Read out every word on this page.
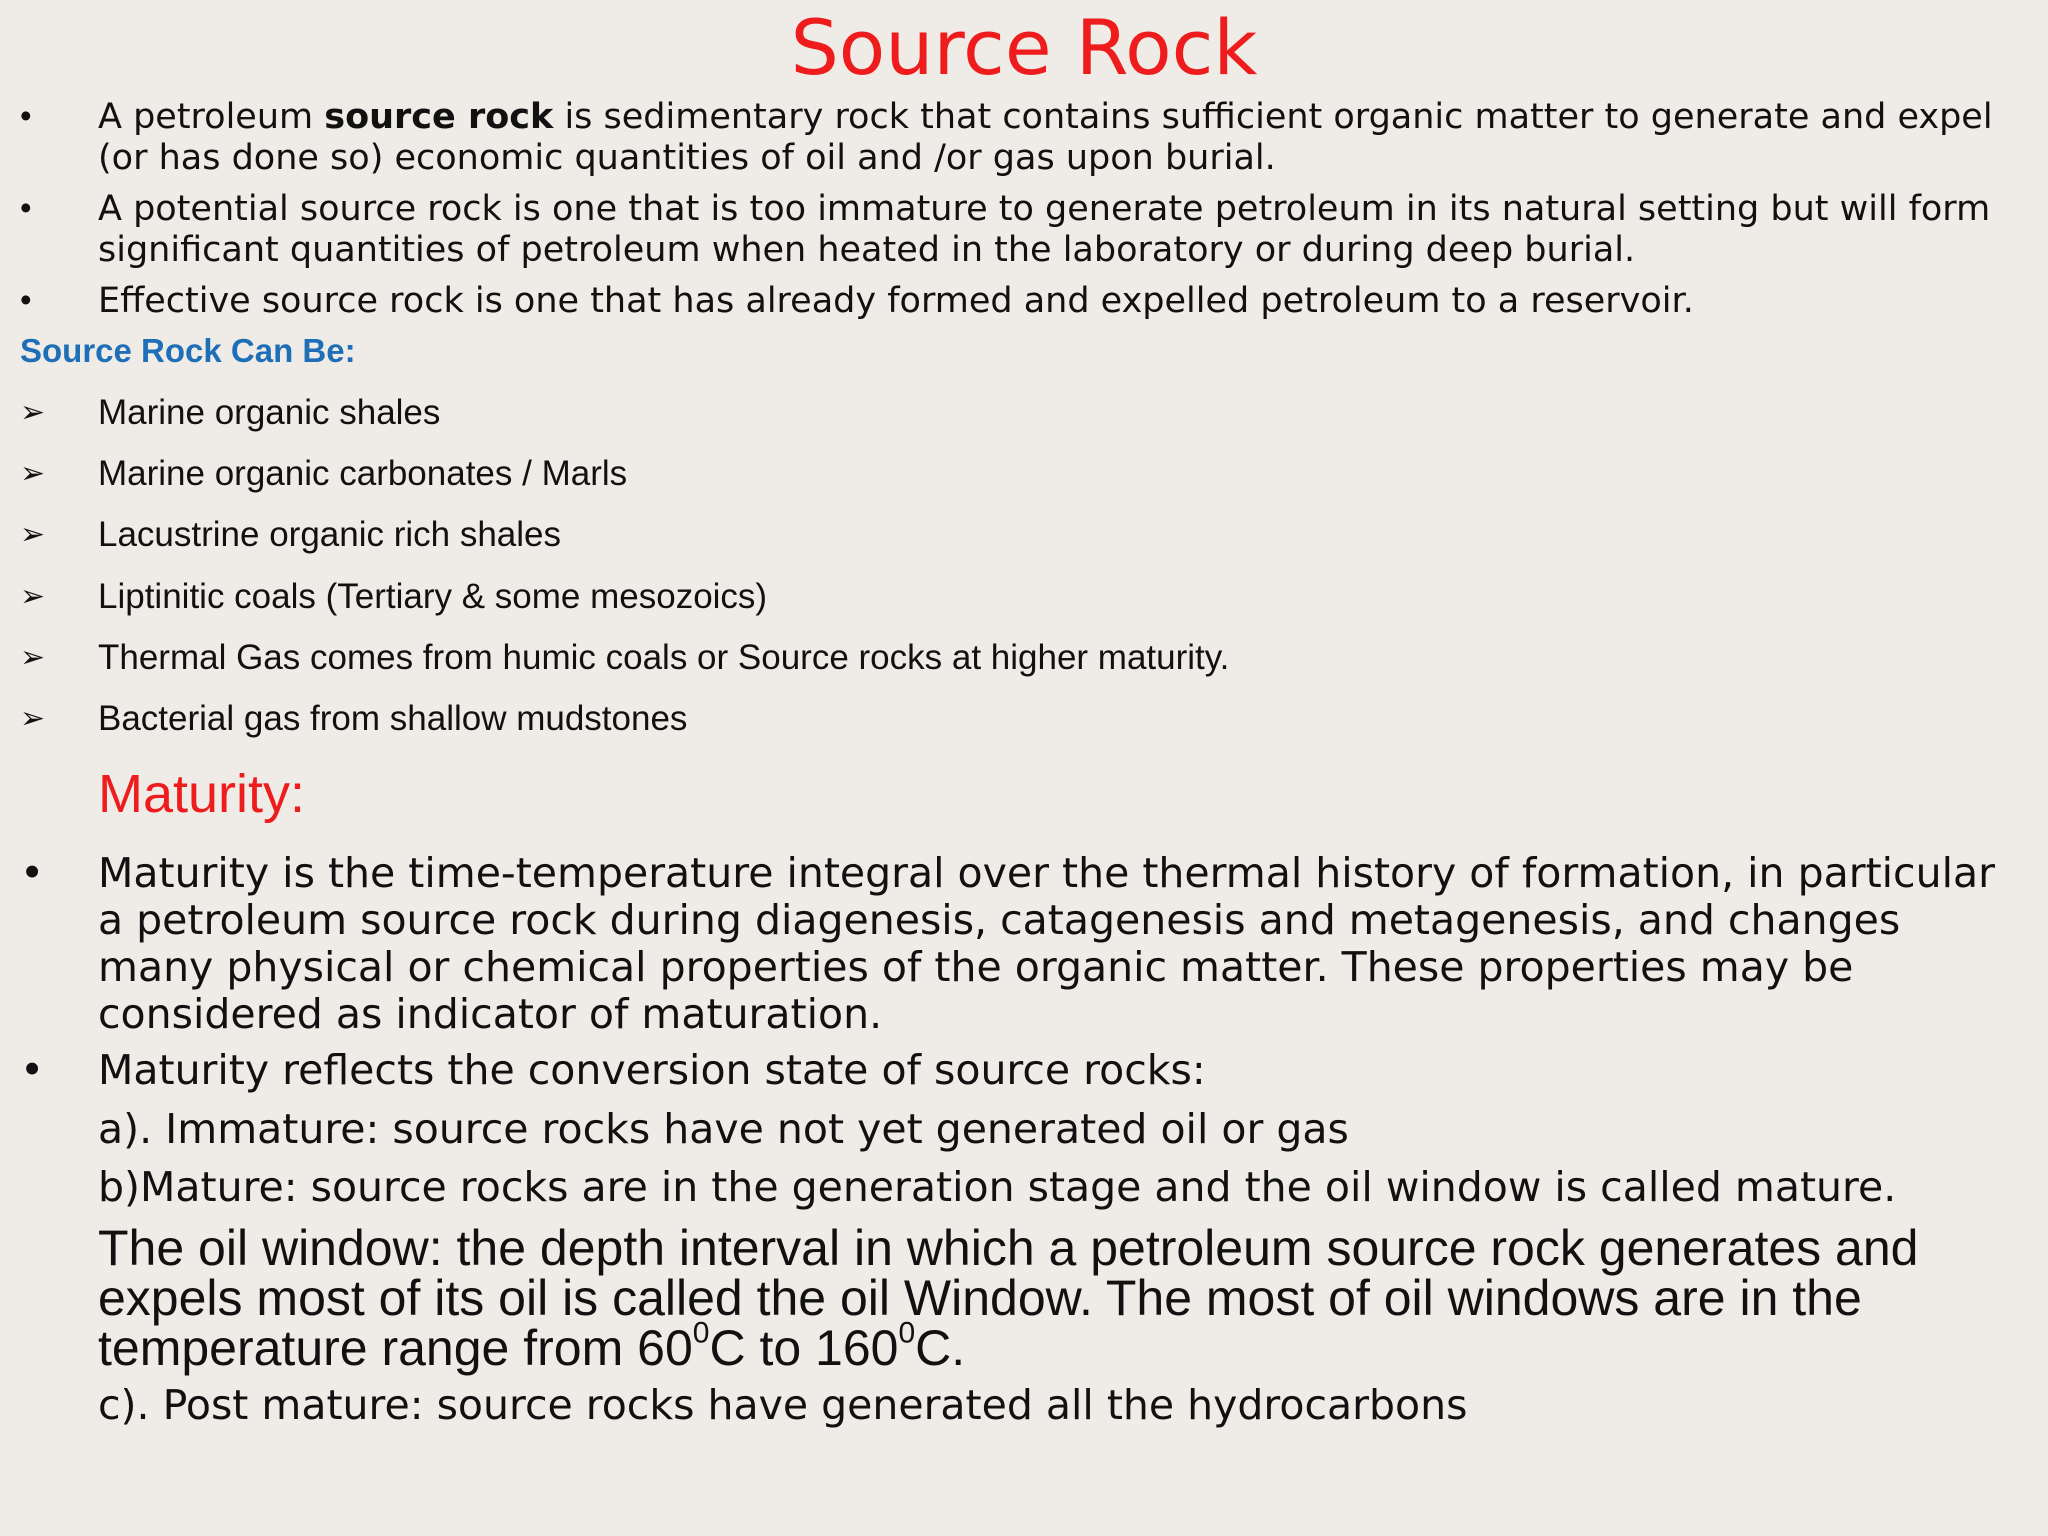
Source Rock
• A petroleum source rock is sedimentary rock that contains sufficient organic matter to generate and expel (or has done so) economic quantities of oil and /or gas upon burial.
• A potential source rock is one that is too immature to generate petroleum in its natural setting but will form significant quantities of petroleum when heated in the laboratory or during deep burial.
• Effective source rock is one that has already formed and expelled petroleum to a reservoir.
Source Rock Can Be:
➢ Marine organic shales
➢ Marine organic carbonates / Marls
➢ Lacustrine organic rich shales
➢ Liptinitic coals (Tertiary & some mesozoics)
➢ Thermal Gas comes from humic coals or Source rocks at higher maturity.
➢ Bacterial gas from shallow mudstones
Maturity:
• Maturity is the time-temperature integral over the thermal history of formation, in particular a petroleum source rock during diagenesis, catagenesis and metagenesis, and changes many physical or chemical properties of the organic matter. These properties may be considered as indicator of maturation.
• Maturity reflects the conversion state of source rocks:
a). Immature: source rocks have not yet generated oil or gas
b)Mature: source rocks are in the generation stage and the oil window is called mature.
The oil window: the depth interval in which a petroleum source rock generates and expels most of its oil is called the oil Window. The most of oil windows are in the temperature range from $60^0C$ to $160^0C$.
c). Post mature: source rocks have generated all the hydrocarbons
